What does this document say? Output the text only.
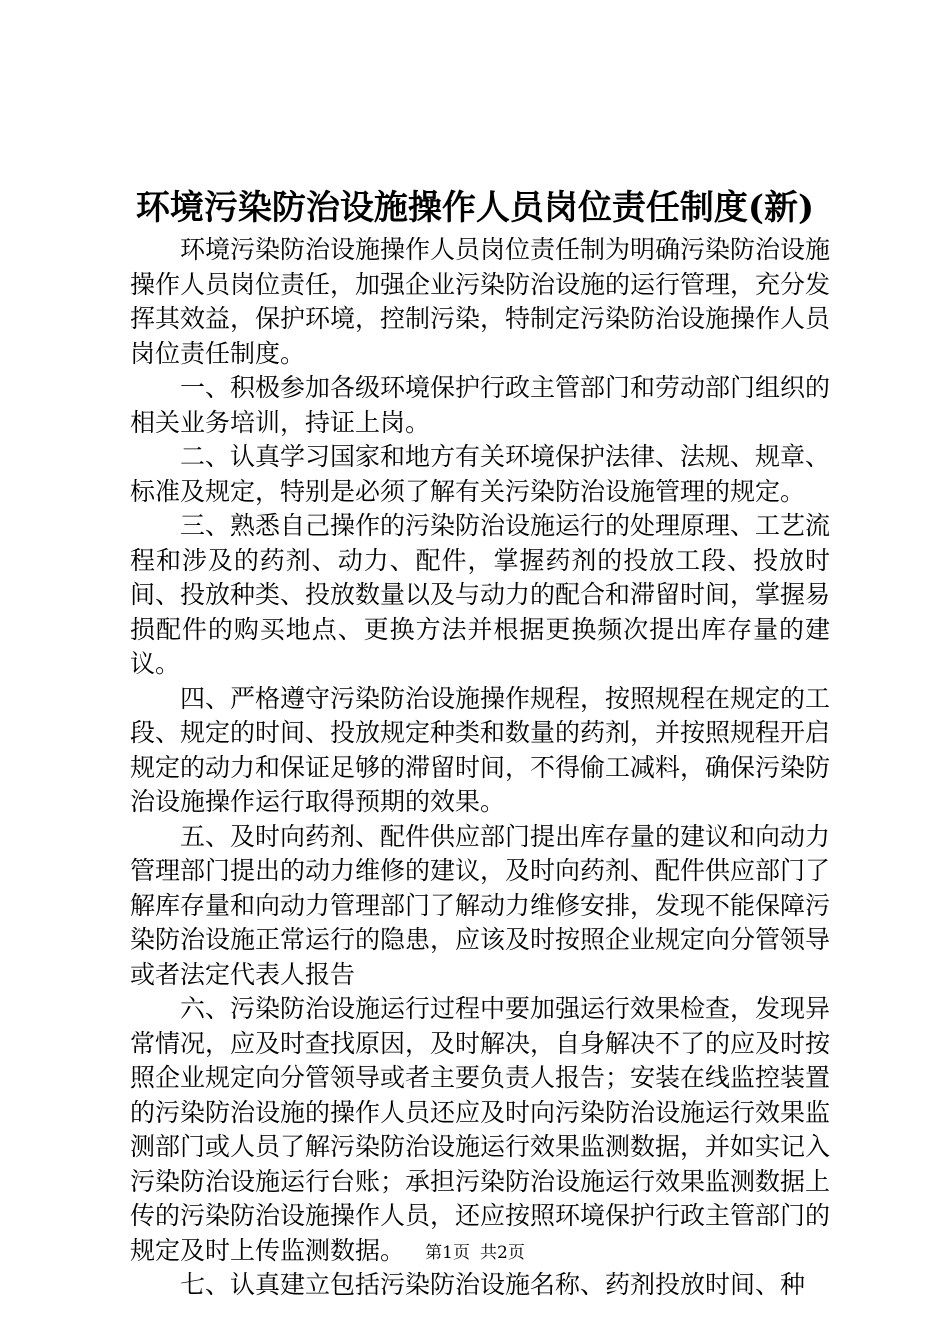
环境污染防治设施操作人员岗位责任制度(新)

环境污染防治设施操作人员岗位责任制为明确污染防治设施操作人员岗位责任，加强企业污染防治设施的运行管理，充分发挥其效益，保护环境，控制污染，特制定污染防治设施操作人员岗位责任制度。

一、积极参加各级环境保护行政主管部门和劳动部门组织的相关业务培训，持证上岗。

二、认真学习国家和地方有关环境保护法律、法规、规章、标准及规定，特别是必须了解有关污染防治设施管理的规定。

三、熟悉自己操作的污染防治设施运行的处理原理、工艺流程和涉及的药剂、动力、配件，掌握药剂的投放工段、投放时间、投放种类、投放数量以及与动力的配合和滞留时间，掌握易损配件的购买地点、更换方法并根据更换频次提出库存量的建议。

四、严格遵守污染防治设施操作规程，按照规程在规定的工段、规定的时间、投放规定种类和数量的药剂，并按照规程开启规定的动力和保证足够的滞留时间，不得偷工减料，确保污染防治设施操作运行取得预期的效果。

五、及时向药剂、配件供应部门提出库存量的建议和向动力管理部门提出的动力维修的建议，及时向药剂、配件供应部门了解库存量和向动力管理部门了解动力维修安排，发现不能保障污染防治设施正常运行的隐患，应该及时按照企业规定向分管领导或者法定代表人报告

六、污染防治设施运行过程中要加强运行效果检查，发现异常情况，应及时查找原因，及时解决，自身解决不了的应及时按照企业规定向分管领导或者主要负责人报告；安装在线监控装置的污染防治设施的操作人员还应及时向污染防治设施运行效果监测部门或人员了解污染防治设施运行效果监测数据，并如实记入污染防治设施运行台账；承担污染防治设施运行效果监测数据上传的污染防治设施操作人员，还应按照环境保护行政主管部门的规定及时上传监测数据。

七、认真建立包括污染防治设施名称、药剂投放时间、种

第1页 共2页
